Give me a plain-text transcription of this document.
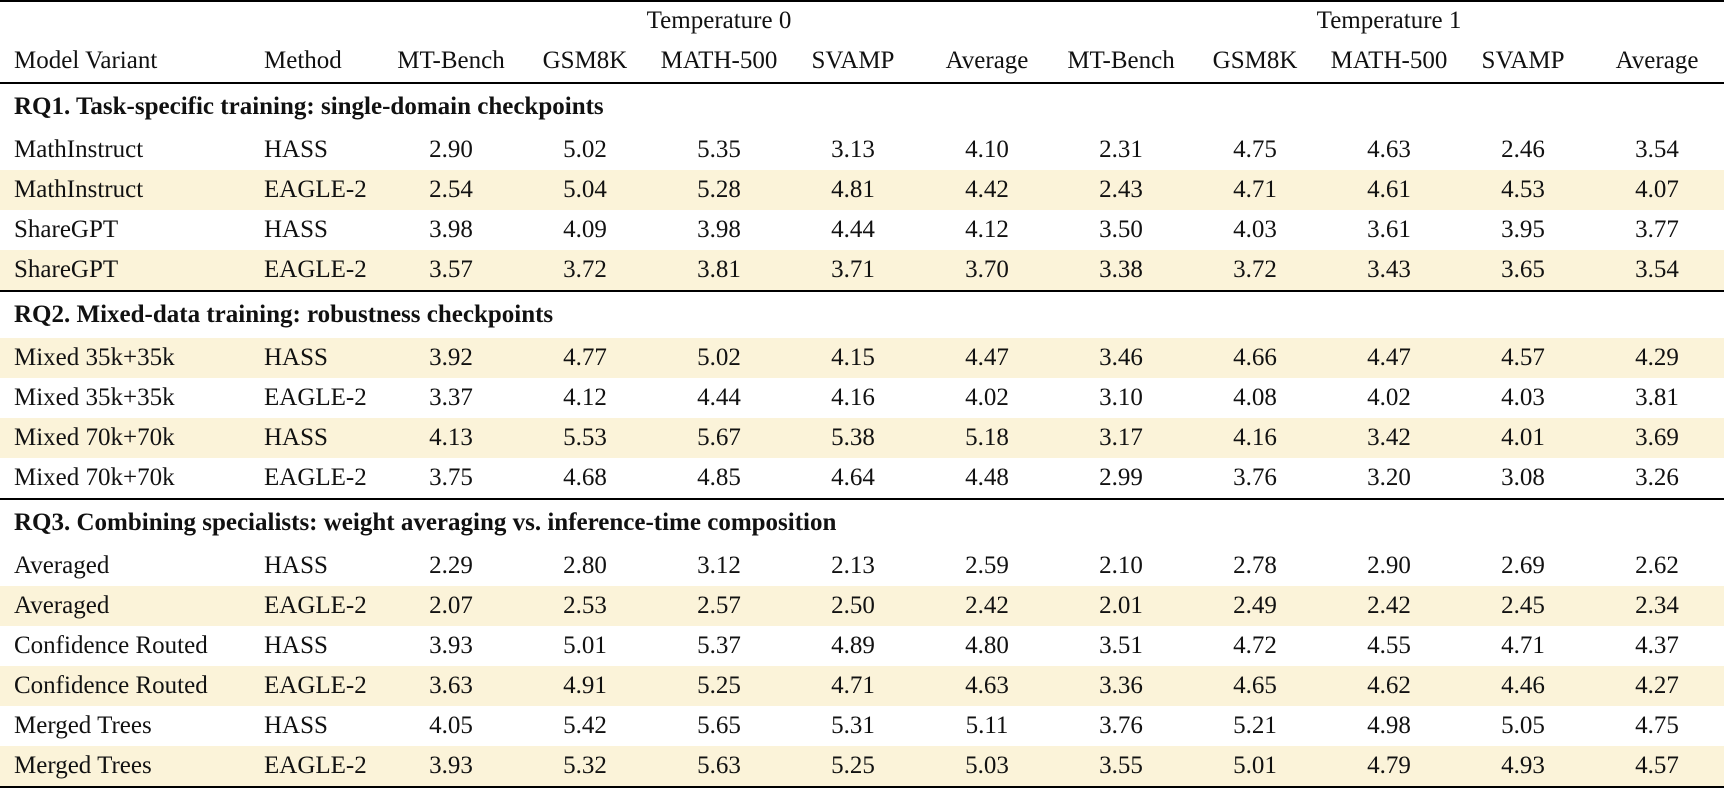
		Temperature 0					Temperature 1				
Model Variant	Method	MT-Bench	GSM8K	MATH-500	SVAMP	Average	MT-Bench	GSM8K	MATH-500	SVAMP	Average
RQ1. Task-specific training: single-domain checkpoints											
MathInstruct	HASS	2.90	5.02	5.35	3.13	4.10	2.31	4.75	4.63	2.46	3.54
MathInstruct	EAGLE-2	2.54	5.04	5.28	4.81	4.42	2.43	4.71	4.61	4.53	4.07
ShareGPT	HASS	3.98	4.09	3.98	4.44	4.12	3.50	4.03	3.61	3.95	3.77
ShareGPT	EAGLE-2	3.57	3.72	3.81	3.71	3.70	3.38	3.72	3.43	3.65	3.54
RQ2. Mixed-data training: robustness checkpoints											
Mixed 35k+35k	HASS	3.92	4.77	5.02	4.15	4.47	3.46	4.66	4.47	4.57	4.29
Mixed 35k+35k	EAGLE-2	3.37	4.12	4.44	4.16	4.02	3.10	4.08	4.02	4.03	3.81
Mixed 70k+70k	HASS	4.13	5.53	5.67	5.38	5.18	3.17	4.16	3.42	4.01	3.69
Mixed 70k+70k	EAGLE-2	3.75	4.68	4.85	4.64	4.48	2.99	3.76	3.20	3.08	3.26
RQ3. Combining specialists: weight averaging vs. inference-time composition											
Averaged	HASS	2.29	2.80	3.12	2.13	2.59	2.10	2.78	2.90	2.69	2.62
Averaged	EAGLE-2	2.07	2.53	2.57	2.50	2.42	2.01	2.49	2.42	2.45	2.34
Confidence Routed	HASS	3.93	5.01	5.37	4.89	4.80	3.51	4.72	4.55	4.71	4.37
Confidence Routed	EAGLE-2	3.63	4.91	5.25	4.71	4.63	3.36	4.65	4.62	4.46	4.27
Merged Trees	HASS	4.05	5.42	5.65	5.31	5.11	3.76	5.21	4.98	5.05	4.75
Merged Trees	EAGLE-2	3.93	5.32	5.63	5.25	5.03	3.55	5.01	4.79	4.93	4.57
